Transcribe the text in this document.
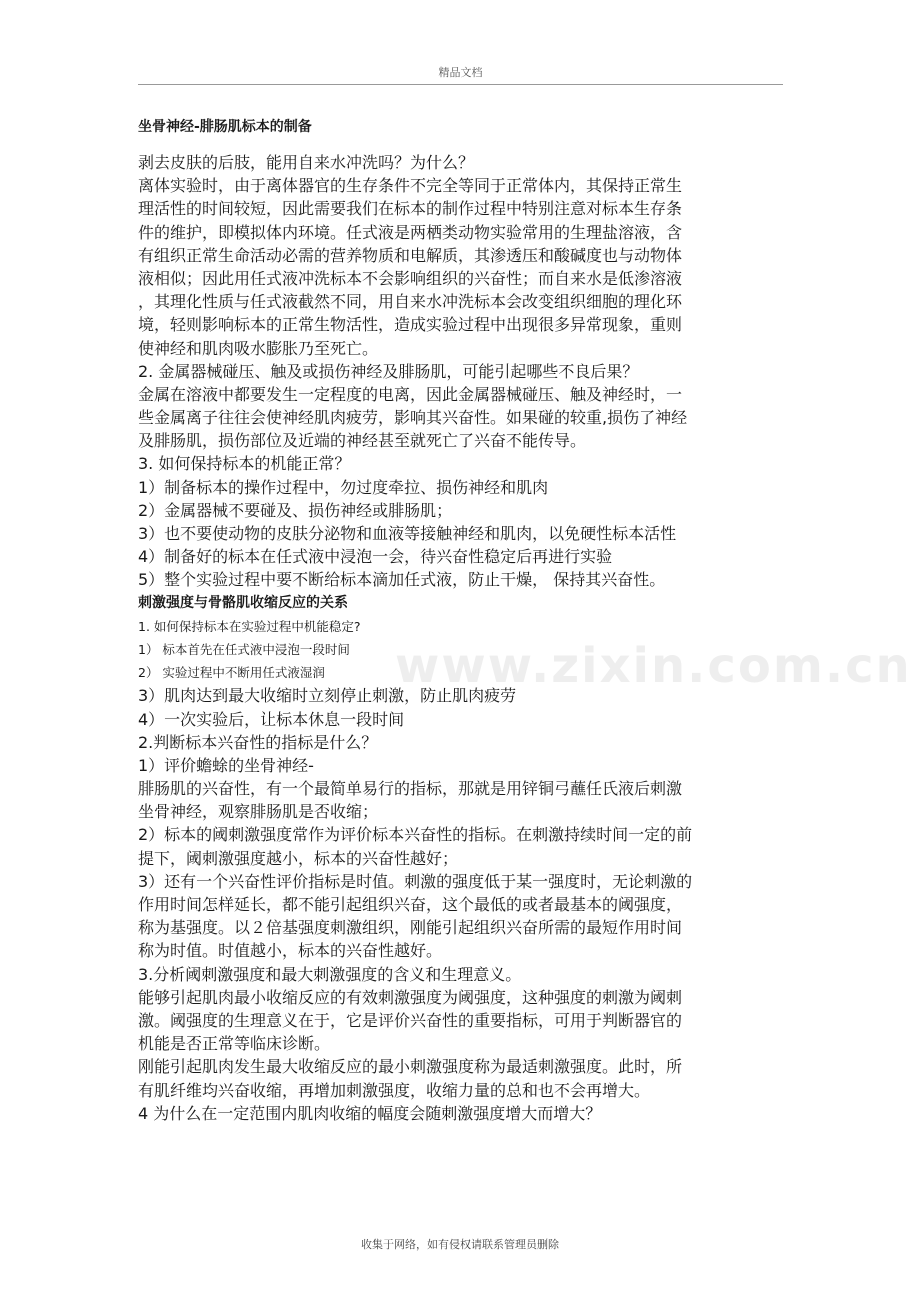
精品文档
www.zixin.com.cn
坐骨神经-腓肠肌标本的制备
剥去皮肤的后肢，能用自来水冲洗吗？为什么？
离体实验时，由于离体器官的生存条件不完全等同于正常体内，其保持正常生
理活性的时间较短，因此需要我们在标本的制作过程中特别注意对标本生存条
件的维护，即模拟体内环境。任式液是两栖类动物实验常用的生理盐溶液，含
有组织正常生命活动必需的营养物质和电解质，其渗透压和酸碱度也与动物体
液相似；因此用任式液冲洗标本不会影响组织的兴奋性；而自来水是低渗溶液
，其理化性质与任式液截然不同，用自来水冲洗标本会改变组织细胞的理化环
境，轻则影响标本的正常生物活性，造成实验过程中出现很多异常现象，重则
使神经和肌肉吸水膨胀乃至死亡。
2. 金属器械碰压、触及或损伤神经及腓肠肌，可能引起哪些不良后果？
金属在溶液中都要发生一定程度的电离，因此金属器械碰压、触及神经时，一
些金属离子往往会使神经肌肉疲劳，影响其兴奋性。如果碰的较重,损伤了神经
及腓肠肌，损伤部位及近端的神经甚至就死亡了兴奋不能传导。
3. 如何保持标本的机能正常？
1）制备标本的操作过程中，勿过度牵拉、损伤神经和肌肉
2）金属器械不要碰及、损伤神经或腓肠肌；
3）也不要使动物的皮肤分泌物和血液等接触神经和肌肉，以免硬性标本活性
4）制备好的标本在任式液中浸泡一会，待兴奋性稳定后再进行实验
5）整个实验过程中要不断给标本滴加任式液，防止干燥， 保持其兴奋性。
刺激强度与骨骼肌收缩反应的关系
1. 如何保持标本在实验过程中机能稳定?
1） 标本首先在任式液中浸泡一段时间
2） 实验过程中不断用任式液湿润
3）肌肉达到最大收缩时立刻停止刺激，防止肌肉疲劳
4）一次实验后，让标本休息一段时间
2.判断标本兴奋性的指标是什么？
1）评价蟾蜍的坐骨神经-
腓肠肌的兴奋性，有一个最简单易行的指标，那就是用锌铜弓蘸任氏液后刺激
坐骨神经，观察腓肠肌是否收缩；
2）标本的阈刺激强度常作为评价标本兴奋性的指标。在刺激持续时间一定的前
提下，阈刺激强度越小，标本的兴奋性越好；
3）还有一个兴奋性评价指标是时值。刺激的强度低于某一强度时，无论刺激的
作用时间怎样延长，都不能引起组织兴奋，这个最低的或者最基本的阈强度，
称为基强度。以２倍基强度刺激组织，刚能引起组织兴奋所需的最短作用时间
称为时值。时值越小，标本的兴奋性越好。
3.分析阈刺激强度和最大刺激强度的含义和生理意义。
能够引起肌肉最小收缩反应的有效刺激强度为阈强度，这种强度的刺激为阈刺
激。阈强度的生理意义在于，它是评价兴奋性的重要指标，可用于判断器官的
机能是否正常等临床诊断。
刚能引起肌肉发生最大收缩反应的最小刺激强度称为最适刺激强度。此时，所
有肌纤维均兴奋收缩，再增加刺激强度，收缩力量的总和也不会再增大。
4 为什么在一定范围内肌肉收缩的幅度会随刺激强度增大而增大？
收集于网络，如有侵权请联系管理员删除
